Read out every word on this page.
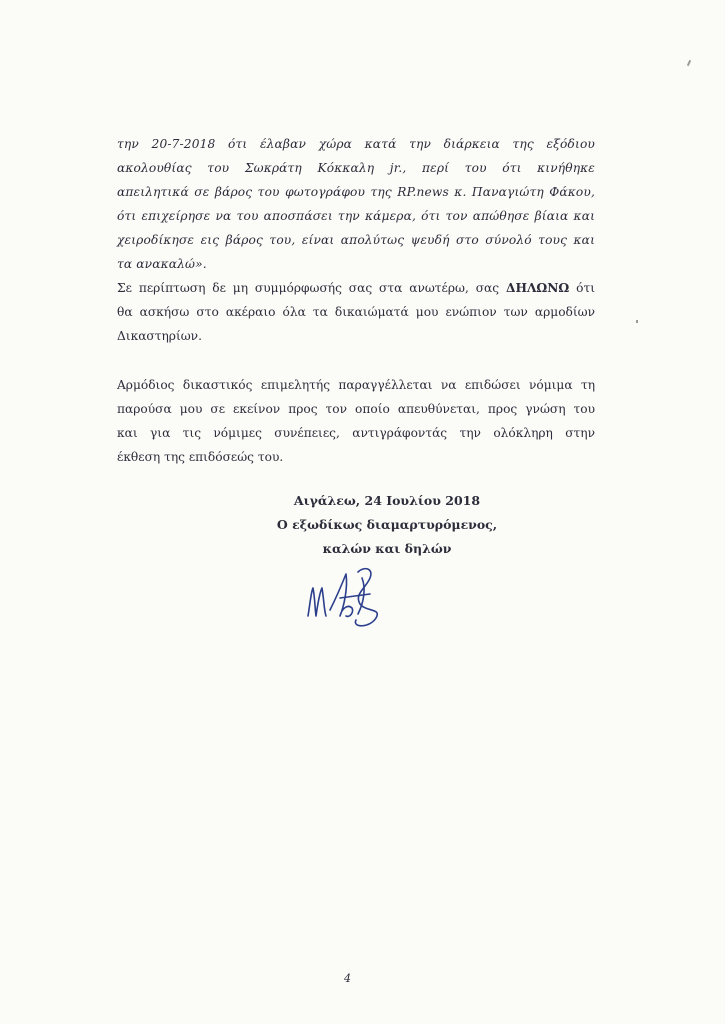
την 20-7-2018 ότι έλαβαν χώρα κατά την διάρκεια της εξόδιου
ακολουθίας του Σωκράτη Κόκκαλη jr., περί του ότι κινήθηκε
απειλητικά σε βάρος του φωτογράφου της RP.news κ. Παναγιώτη Φάκου,
ότι επιχείρησε να του αποσπάσει την κάμερα, ότι τον απώθησε βίαια και
χειροδίκησε εις βάρος του, είναι απολύτως ψευδή στο σύνολό τους και
τα ανακαλώ».
Σε περίπτωση δε μη συμμόρφωσής σας στα ανωτέρω, σας ΔΗΛΩΝΩ ότι
θα ασκήσω στο ακέραιο όλα τα δικαιώματά μου ενώπιον των αρμοδίων
Δικαστηρίων.
Αρμόδιος δικαστικός επιμελητής παραγγέλλεται να επιδώσει νόμιμα τη
παρούσα μου σε εκείνον προς τον οποίο απευθύνεται, προς γνώση του
και για τις νόμιμες συνέπειες, αντιγράφοντάς την ολόκληρη στην
έκθεση της επιδόσεώς του.
Αιγάλεω, 24 Ιουλίου 2018
Ο εξωδίκως διαμαρτυρόμενος,
καλών και δηλών
4
